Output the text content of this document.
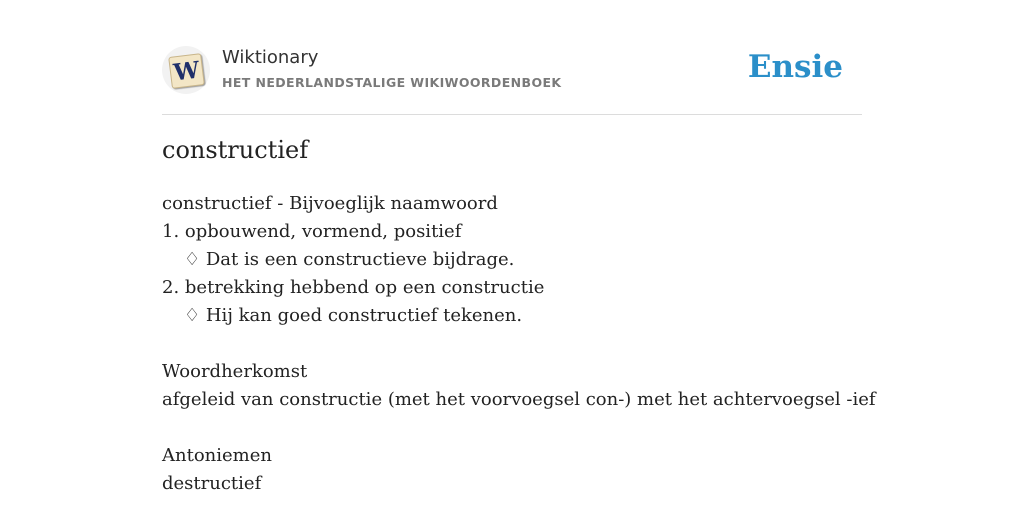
W Wiktionary
HET NEDERLANDSTALIGE WIKIWOORDENBOEK	Ensie
constructief
constructief - Bijvoeglijk naamwoord
1. opbouwend, vormend, positief
♢ Dat is een constructieve bijdrage.
2. betrekking hebbend op een constructie
♢ Hij kan goed constructief tekenen.
Woordherkomst
afgeleid van constructie (met het voorvoegsel con-) met het achtervoegsel -ief
Antoniemen
destructief
